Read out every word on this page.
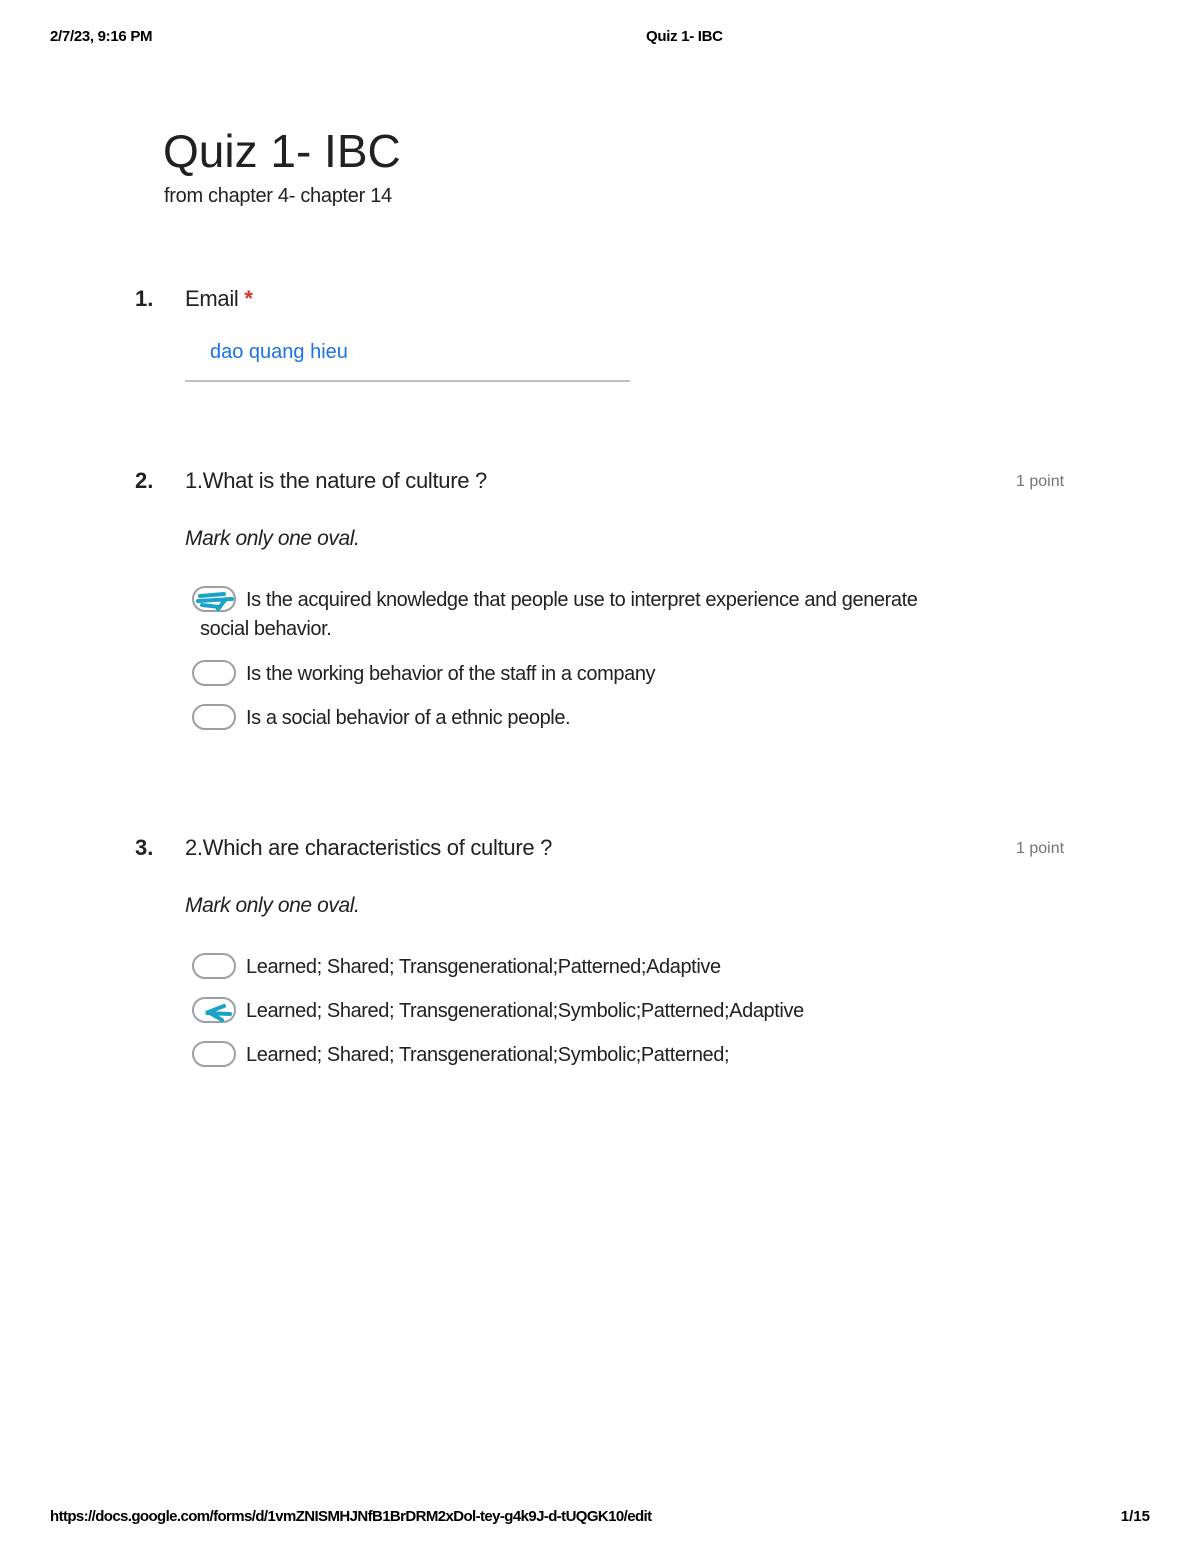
2/7/23, 9:16 PM	Quiz 1- IBC
Quiz 1- IBC
from chapter 4- chapter 14
1. Email *
dao quang hieu
2. 1.What is the nature of culture ?	1 point
Mark only one oval.
Is the acquired knowledge that people use to interpret experience and generate
social behavior.
Is the working behavior of the staff in a company
Is a social behavior of a ethnic people.
3. 2.Which are characteristics of culture ?	1 point
Mark only one oval.
Learned; Shared; Transgenerational;Patterned;Adaptive
Learned; Shared; Transgenerational;Symbolic;Patterned;Adaptive
Learned; Shared; Transgenerational;Symbolic;Patterned;
https://docs.google.com/forms/d/1vmZNISMHJNfB1BrDRM2xDol-tey-g4k9J-d-tUQGK10/edit	1/15
